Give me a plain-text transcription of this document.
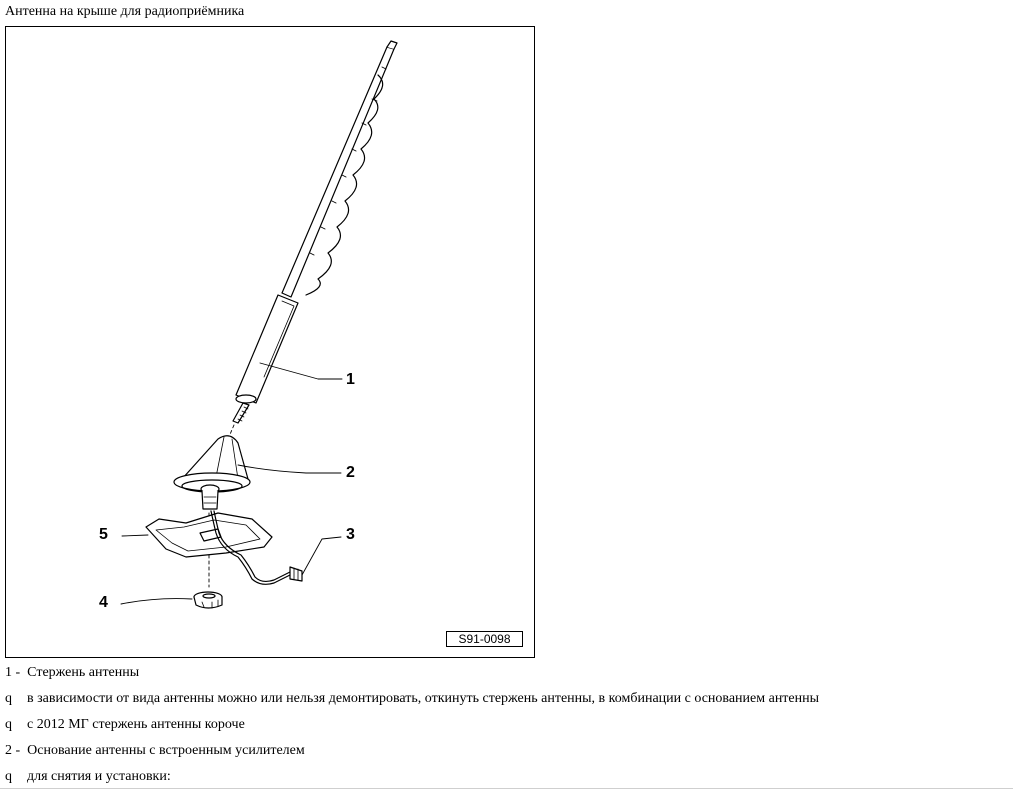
Антенна на крыше для радиоприёмника
1
2
3
4
5
S91-0098
1 - Стержень антенны
q в зависимости от вида антенны можно или нельзя демонтировать, откинуть стержень антенны, в комбинации с основанием антенны
q с 2012 МГ стержень антенны короче
2 - Основание антенны с встроенным усилителем
q для снятия и установки:
